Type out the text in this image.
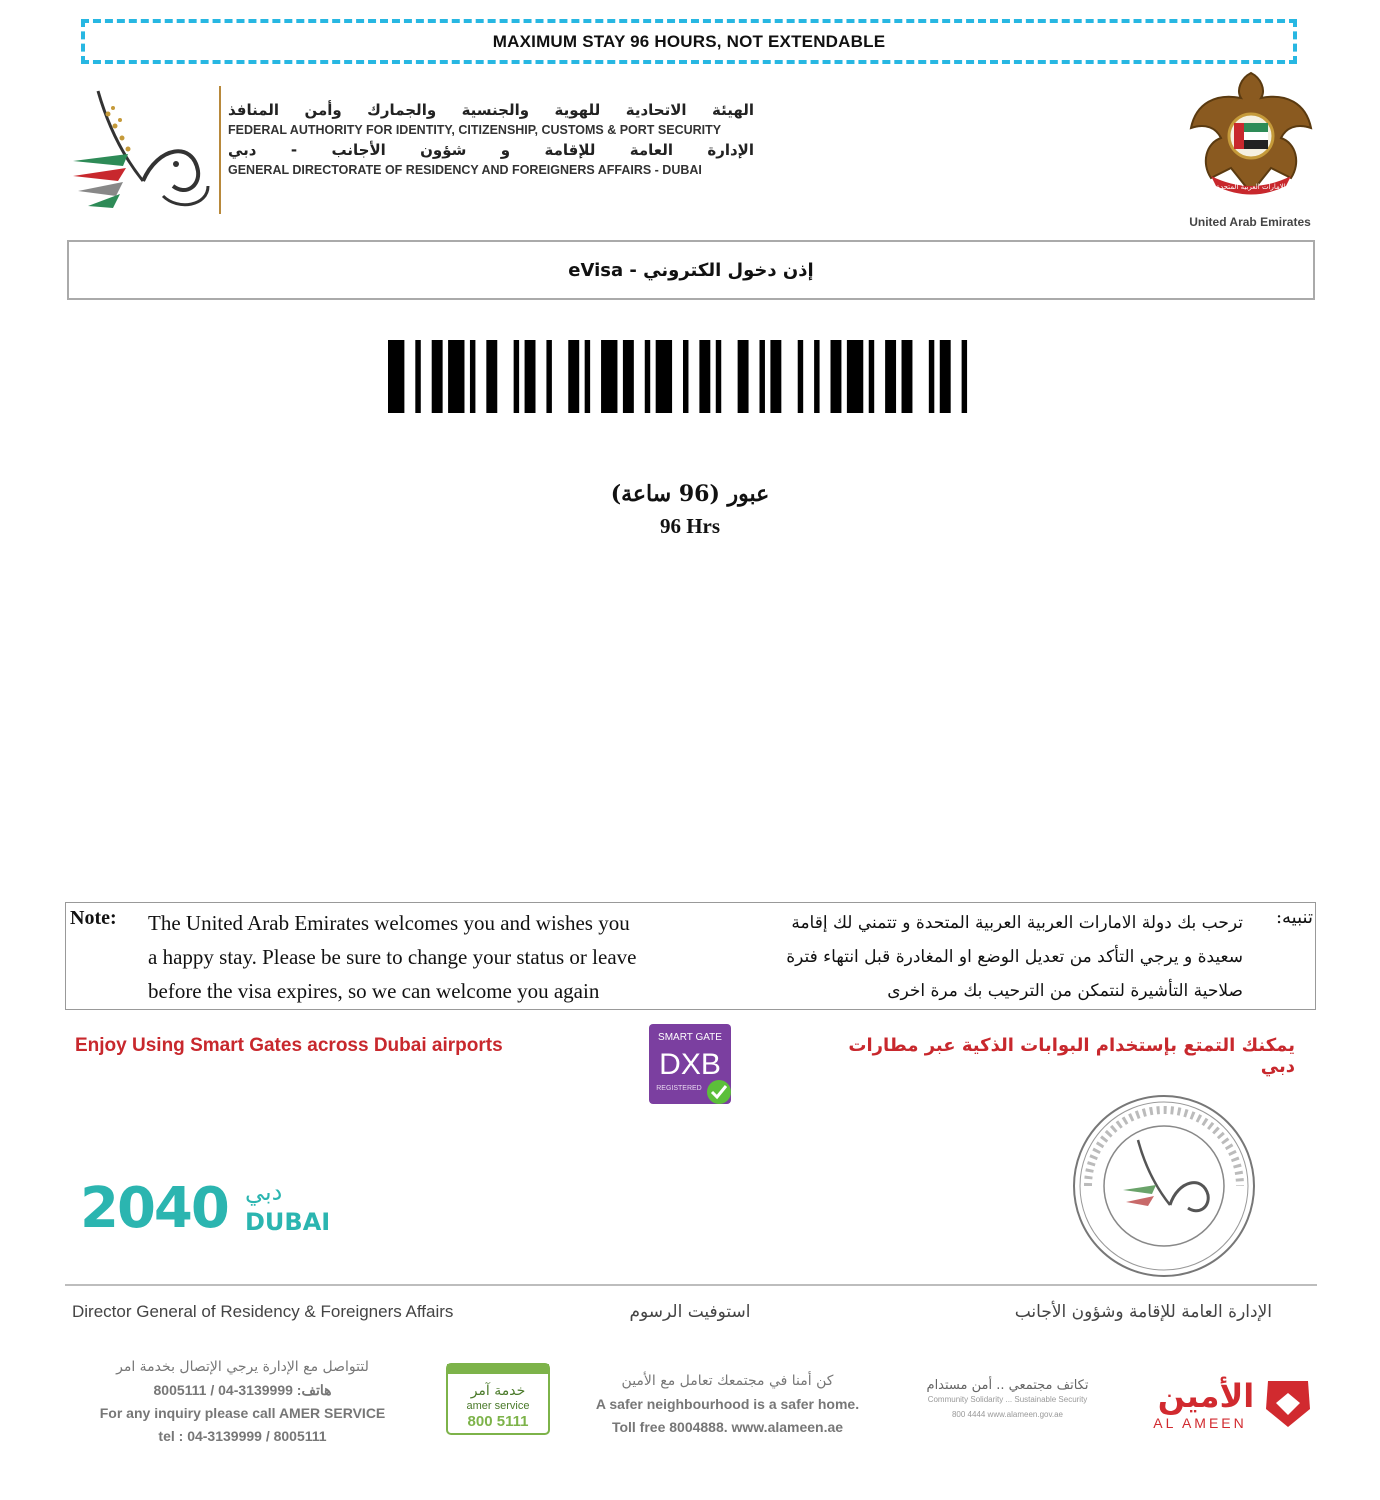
MAXIMUM STAY 96 HOURS, NOT EXTENDABLE
الهيئة الاتحادية للهوية والجنسية والجمارك وأمن المنافذ
FEDERAL AUTHORITY FOR IDENTITY, CITIZENSHIP, CUSTOMS & PORT SECURITY
الإدارة العامة للإقامة و شؤون الأجانب - دبي
GENERAL DIRECTORATE OF RESIDENCY AND FOREIGNERS AFFAIRS - DUBAI
الإمارات العربية المتحدة
United Arab Emirates
إذن دخول الكتروني - eVisa
عبور (96 ساعة)
96 Hrs
Note: The United Arab Emirates welcomes you and wishes you
a happy stay. Please be sure to change your status or leave
before the visa expires, so we can welcome you again
تنبيه:
ترحب بك دولة الامارات العربية العربية المتحدة و تتمني لك إقامة
سعيدة و يرجي التأكد من تعديل الوضع او المغادرة قبل انتهاء فترة
صلاحية التأشيرة لنتمكن من الترحيب بك مرة اخرى
Enjoy Using Smart Gates across Dubai airports	يمكنك التمتع بإستخدام البوابات الذكية عبر مطارات دبي
SMART GATE
DXB
REGISTERED
2040 دبي
DUBAI
Director General of Residency & Foreigners Affairs	استوفيت الرسوم	الإدارة العامة للإقامة وشؤون الأجانب
لتتواصل مع الإدارة يرجي الإتصال بخدمة امر
هاتف: 3139999-04 / 8005111
For any inquiry please call AMER SERVICE
tel : 04-3139999 / 8005111
خدمة آمر
amer service
800 5111
كن أمنا في مجتمعك تعامل مع الأمين
A safer neighbourhood is a safer home.
Toll free 8004888. www.alameen.ae
تكاتف مجتمعي .. أمن مستدام
Community Solidarity ... Sustainable Security
800 4444 www.alameen.gov.ae	الأمين
AL AMEEN
